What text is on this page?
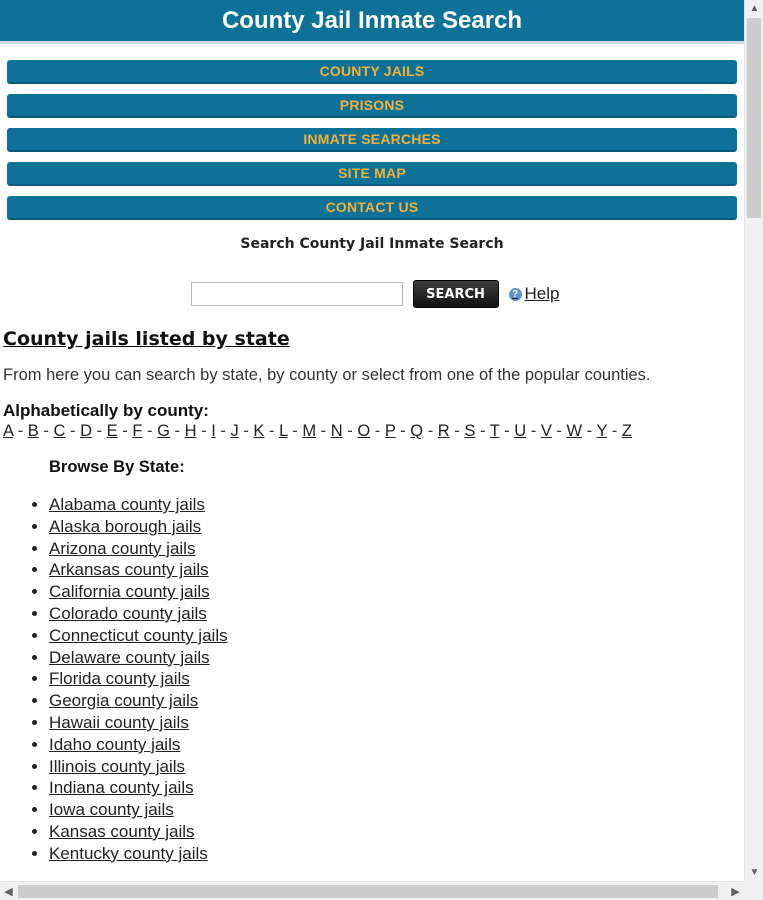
County Jail Inmate Search
COUNTY JAILS
PRISONS
INMATE SEARCHES
SITE MAP
CONTACT US
Search County Jail Inmate Search
SEARCH	? Help
County jails listed by state

From here you can search by state, by county or select from one of the popular counties.

Alphabetically by county:
A - B - C - D - E - F - G - H - I - J - K - L - M - N - O - P - Q - R - S - T - U - V - W - Y - Z
Browse By State:
• Alabama county jails
• Alaska borough jails
• Arizona county jails
• Arkansas county jails
• California county jails
• Colorado county jails
• Connecticut county jails
• Delaware county jails
• Florida county jails
• Georgia county jails
• Hawaii county jails
• Idaho county jails
• Illinois county jails
• Indiana county jails
• Iowa county jails
• Kansas county jails
• Kentucky county jails
▲
▼
◀	▶
